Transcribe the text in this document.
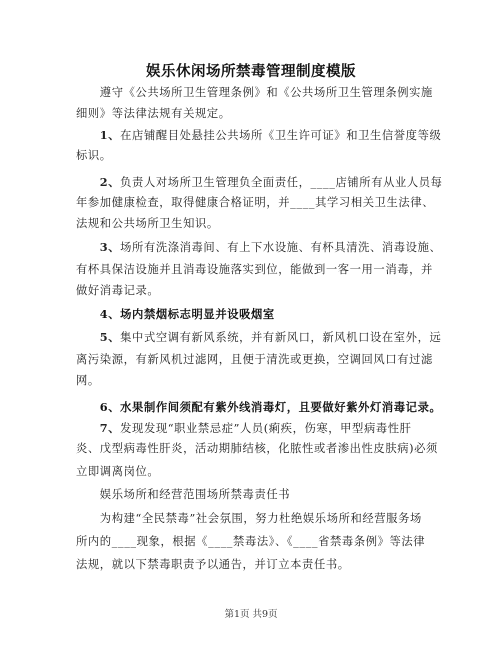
娱乐休闲场所禁毒管理制度模版
　　遵守《公共场所卫生管理条例》和《公共场所卫生管理条例实施
细则》等法律法规有关规定。
　　1、在店铺醒目处悬挂公共场所《卫生许可证》和卫生信誉度等级
标识。
　　2、负责人对场所卫生管理负全面责任，____店铺所有从业人员每
年参加健康检查，取得健康合格证明，并____其学习相关卫生法律、
法规和公共场所卫生知识。
　　3、场所有洗涤消毒间、有上下水设施、有杯具清洗、消毒设施、
有杯具保洁设施并且消毒设施落实到位，能做到一客一用一消毒，并
做好消毒记录。
　　4、场内禁烟标志明显并设吸烟室
　　5、集中式空调有新风系统，并有新风口，新风机口设在室外，远
离污染源，有新风机过滤网，且便于清洗或更换，空调回风口有过滤
网。
　　6、水果制作间须配有紫外线消毒灯，且要做好紫外灯消毒记录。
　　7、发现发现“职业禁忌症”人员(痢疾，伤寒，甲型病毒性肝
炎、戊型病毒性肝炎，活动期肺结核，化脓性或者渗出性皮肤病)必须
立即调离岗位。
　　娱乐场所和经营范围场所禁毒责任书
　　为构建“全民禁毒”社会氛围，努力杜绝娱乐场所和经营服务场
所内的____现象，根据《____禁毒法》、《____省禁毒条例》等法律
法规，就以下禁毒职责予以通告，并订立本责任书。
第1页 共9页
